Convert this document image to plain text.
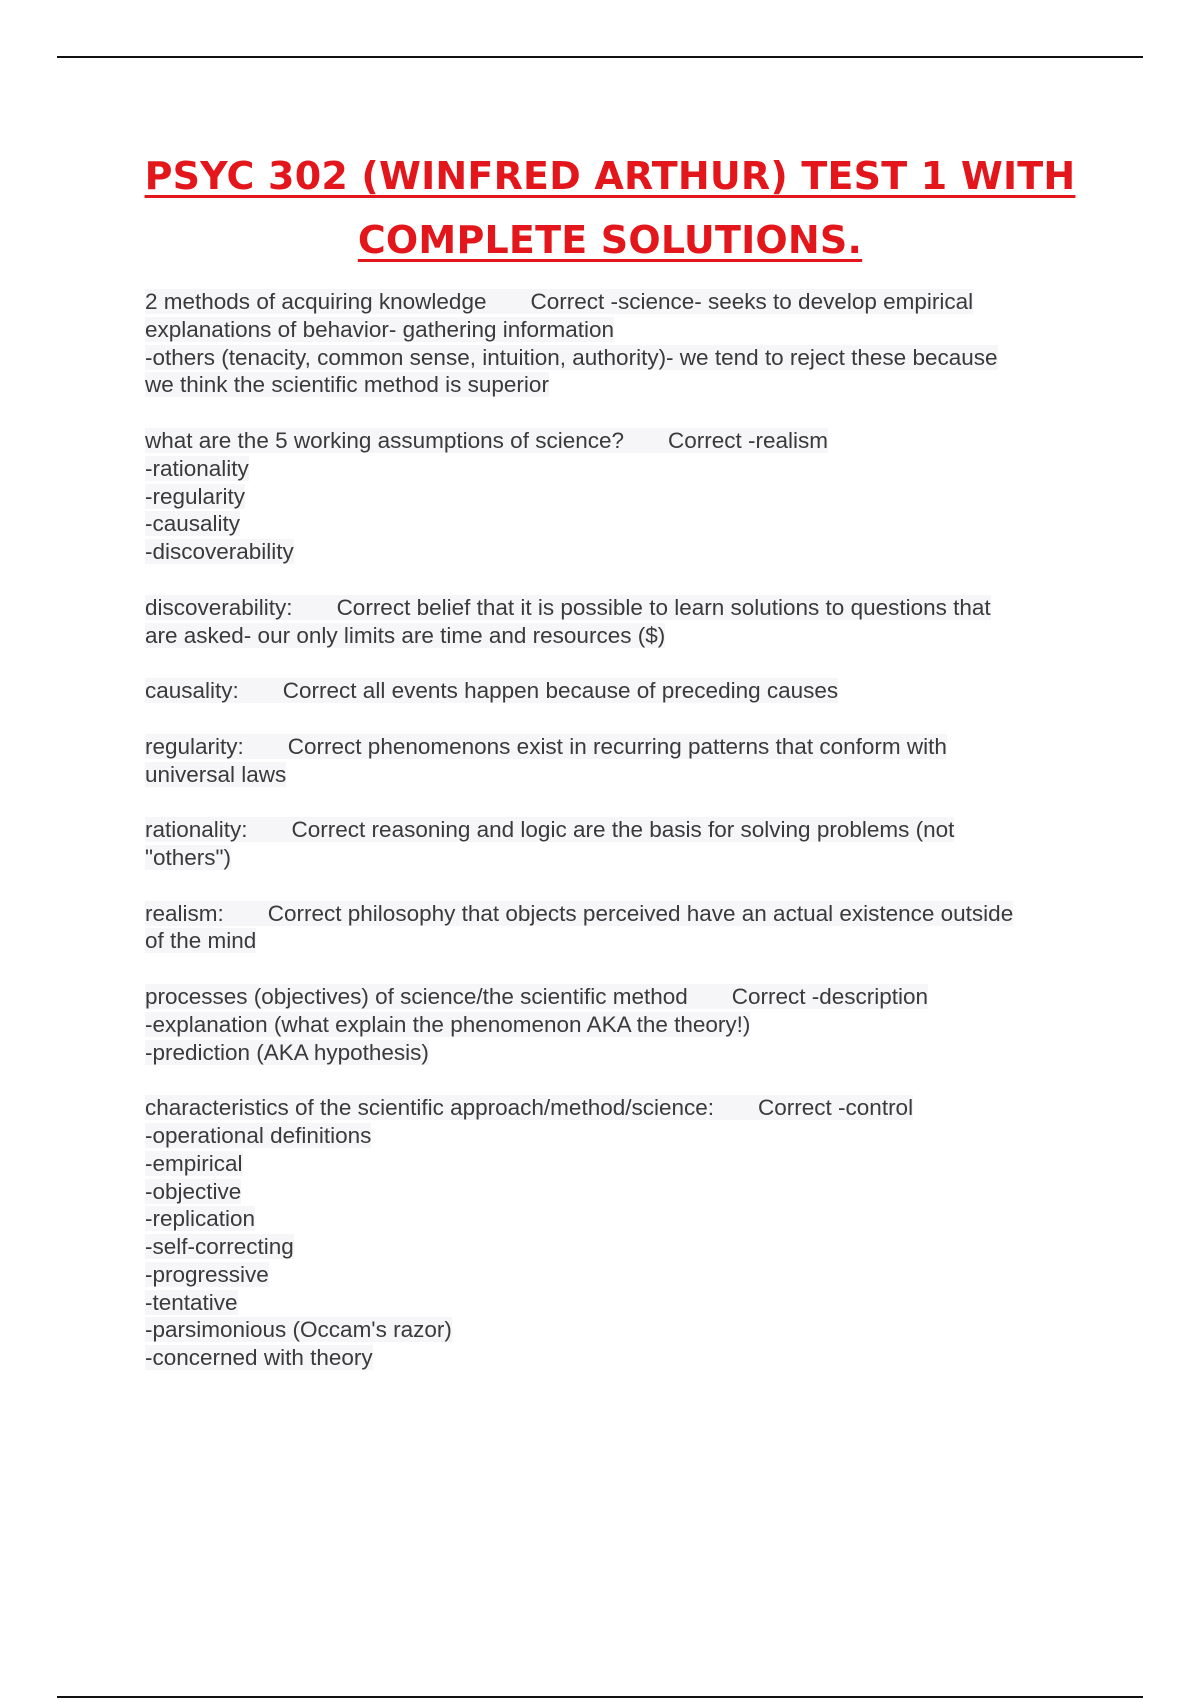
PSYC 302 (WINFRED ARTHUR) TEST 1 WITH
COMPLETE SOLUTIONS.
2 methods of acquiring knowledge Correct -science- seeks to develop empirical
explanations of behavior- gathering information
-others (tenacity, common sense, intuition, authority)- we tend to reject these because
we think the scientific method is superior
what are the 5 working assumptions of science? Correct -realism
-rationality
-regularity
-causality
-discoverability
discoverability: Correct belief that it is possible to learn solutions to questions that
are asked- our only limits are time and resources ($)
causality: Correct all events happen because of preceding causes
regularity: Correct phenomenons exist in recurring patterns that conform with
universal laws
rationality: Correct reasoning and logic are the basis for solving problems (not
"others")
realism: Correct philosophy that objects perceived have an actual existence outside
of the mind
processes (objectives) of science/the scientific method Correct -description
-explanation (what explain the phenomenon AKA the theory!)
-prediction (AKA hypothesis)
characteristics of the scientific approach/method/science: Correct -control
-operational definitions
-empirical
-objective
-replication
-self-correcting
-progressive
-tentative
-parsimonious (Occam's razor)
-concerned with theory
